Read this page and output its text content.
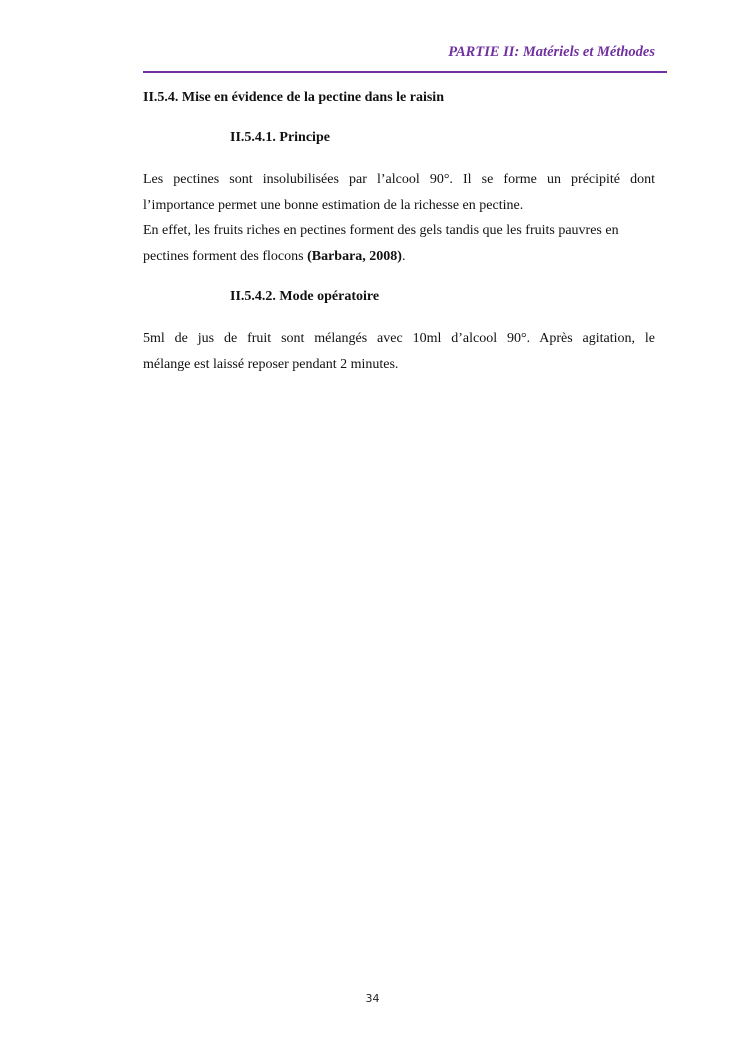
PARTIE II: Matériels et Méthodes
II.5.4. Mise en évidence de la pectine dans le raisin
II.5.4.1. Principe
Les pectines sont insolubilisées par l’alcool 90°. Il se forme un précipité dont
l’importance permet une bonne estimation de la richesse en pectine.
En effet, les fruits riches en pectines forment des gels tandis que les fruits pauvres en
pectines forment des flocons (Barbara, 2008).
II.5.4.2. Mode opératoire
5ml de jus de fruit sont mélangés avec 10ml d’alcool 90°. Après agitation, le
mélange est laissé reposer pendant 2 minutes.
34
